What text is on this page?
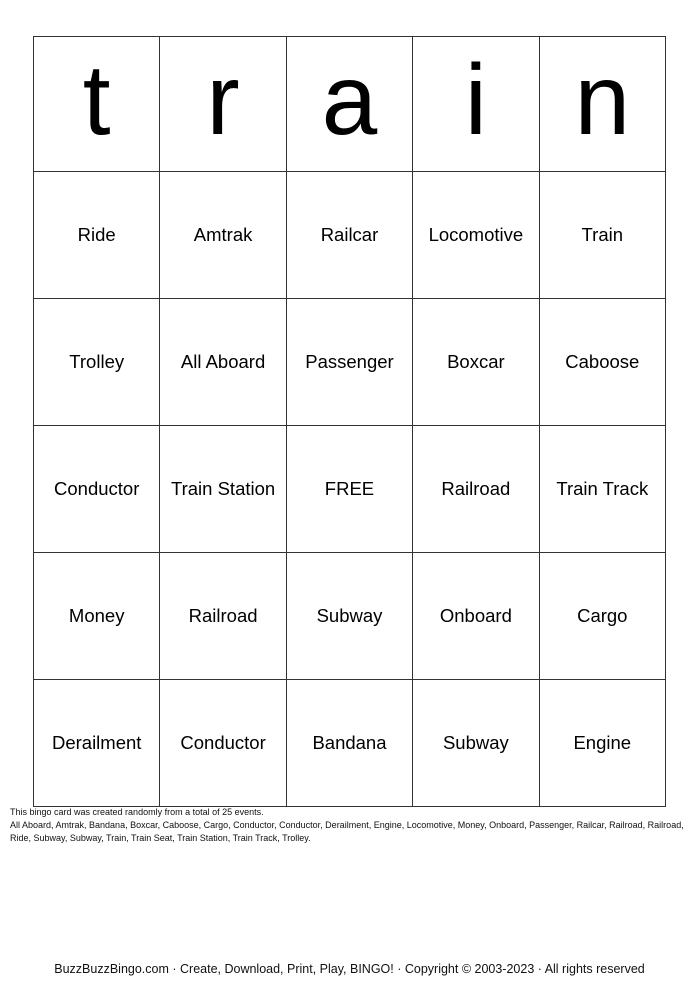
t	r	a	i	n
Ride	Amtrak	Railcar	Locomotive	Train
Trolley	All Aboard	Passenger	Boxcar	Caboose
Conductor	Train Station	FREE	Railroad	Train Track
Money	Railroad	Subway	Onboard	Cargo
Derailment	Conductor	Bandana	Subway	Engine

This bingo card was created randomly from a total of 25 events.

All Aboard, Amtrak, Bandana, Boxcar, Caboose, Cargo, Conductor, Conductor, Derailment, Engine, Locomotive, Money, Onboard, Passenger, Railcar, Railroad, Railroad, Ride, Subway, Subway, Train, Train Seat, Train Station, Train Track, Trolley.

BuzzBuzzBingo.com · Create, Download, Print, Play, BINGO! · Copyright © 2003-2023 · All rights reserved
